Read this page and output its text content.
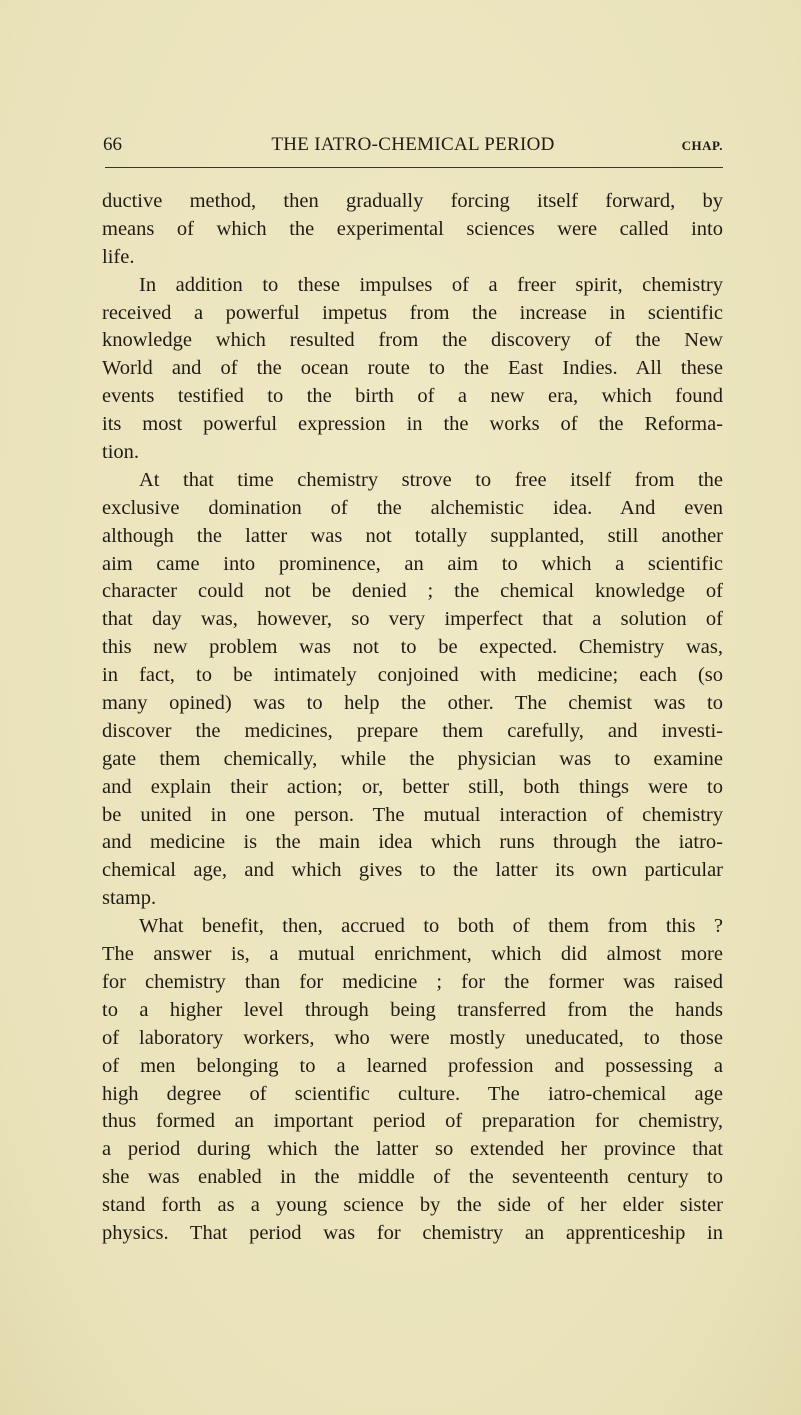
66	THE IATRO-CHEMICAL PERIOD	CHAP.
ductive method, then gradually forcing itself forward, by
means of which the experimental sciences were called into
life.
In addition to these impulses of a freer spirit, chemistry
received a powerful impetus from the increase in scientific
knowledge which resulted from the discovery of the New
World and of the ocean route to the East Indies. All these
events testified to the birth of a new era, which found
its most powerful expression in the works of the Reforma-
tion.
At that time chemistry strove to free itself from the
exclusive domination of the alchemistic idea. And even
although the latter was not totally supplanted, still another
aim came into prominence, an aim to which a scientific
character could not be denied ; the chemical knowledge of
that day was, however, so very imperfect that a solution of
this new problem was not to be expected. Chemistry was,
in fact, to be intimately conjoined with medicine; each (so
many opined) was to help the other. The chemist was to
discover the medicines, prepare them carefully, and investi-
gate them chemically, while the physician was to examine
and explain their action; or, better still, both things were to
be united in one person. The mutual interaction of chemistry
and medicine is the main idea which runs through the iatro-
chemical age, and which gives to the latter its own particular
stamp.
What benefit, then, accrued to both of them from this ?
The answer is, a mutual enrichment, which did almost more
for chemistry than for medicine ; for the former was raised
to a higher level through being transferred from the hands
of laboratory workers, who were mostly uneducated, to those
of men belonging to a learned profession and possessing a
high degree of scientific culture. The iatro-chemical age
thus formed an important period of preparation for chemistry,
a period during which the latter so extended her province that
she was enabled in the middle of the seventeenth century to
stand forth as a young science by the side of her elder sister
physics. That period was for chemistry an apprenticeship in
